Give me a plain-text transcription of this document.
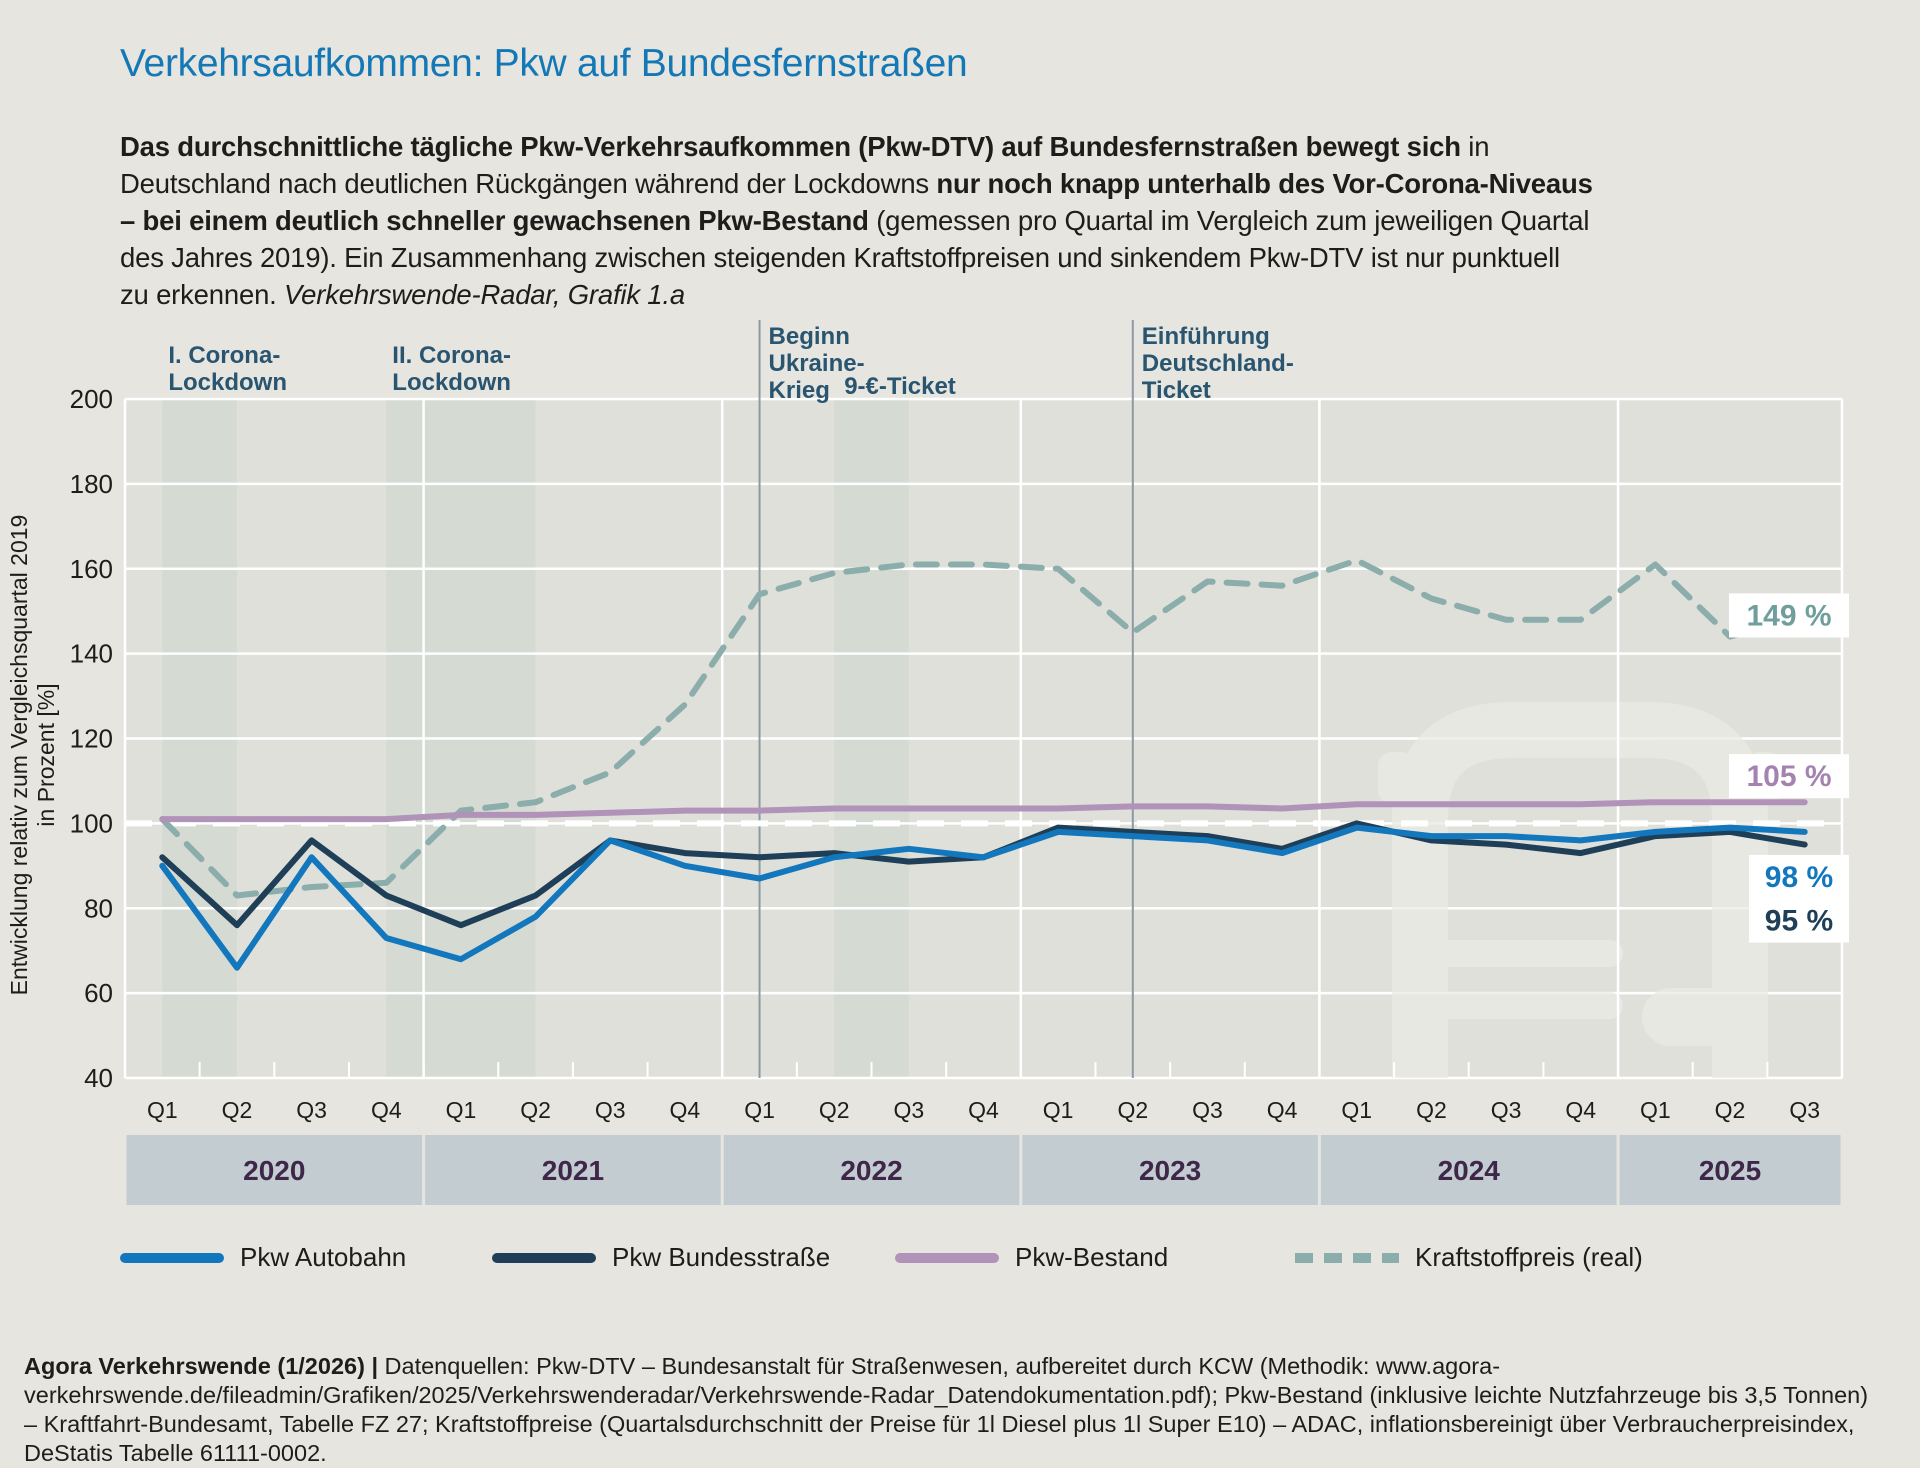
Verkehrsaufkommen: Pkw auf Bundesfernstraßen
Das durchschnittliche tägliche Pkw-Verkehrsaufkommen (Pkw-DTV) auf Bundesfernstraßen bewegt sich in Deutschland nach deutlichen Rückgängen während der Lockdowns nur noch knapp unterhalb des Vor-Corona-Niveaus – bei einem deutlich schneller gewachsenen Pkw-Bestand (gemessen pro Quartal im Vergleich zum jeweiligen Quartal des Jahres 2019). Ein Zusammenhang zwischen steigenden Kraftstoffpreisen und sinkendem Pkw-DTV ist nur punktuell zu erkennen. Verkehrswende-Radar, Grafik 1.a
Entwicklung relativ zum Vergleichsquartal 2019 in Prozent [%]
200
180
160
140
120
100
80
60
40
I. Corona-
Lockdown
II. Corona-
Lockdown	9-€-Ticket
Beginn
Ukraine-
Krieg
Einführung
Deutschland-
Ticket
149 %
105 %
98 %
95 %
Q1 Q2 Q3 Q4
2020
Q1 Q2 Q3 Q4
2021
Q1 Q2 Q3 Q4
2022
Q1 Q2 Q3 Q4
2023
Q1 Q2 Q3 Q4
2024
Q1 Q2 Q3
2025
Pkw Autobahn	Pkw Bundesstraße	Pkw-Bestand	Kraftstoffpreis (real)
Agora Verkehrswende (1/2026) | Datenquellen: Pkw-DTV – Bundesanstalt für Straßenwesen, aufbereitet durch KCW (Methodik: www.agora-verkehrswende.de/fileadmin/Grafiken/2025/Verkehrswenderadar/Verkehrswende-Radar_Datendokumentation.pdf); Pkw-Bestand (inklusive leichte Nutzfahrzeuge bis 3,5 Tonnen) – Kraftfahrt-Bundesamt, Tabelle FZ 27; Kraftstoffpreise (Quartalsdurchschnitt der Preise für 1l Diesel plus 1l Super E10) – ADAC, inflationsbereinigt über Verbraucherpreisindex, DeStatis Tabelle 61111-0002.
